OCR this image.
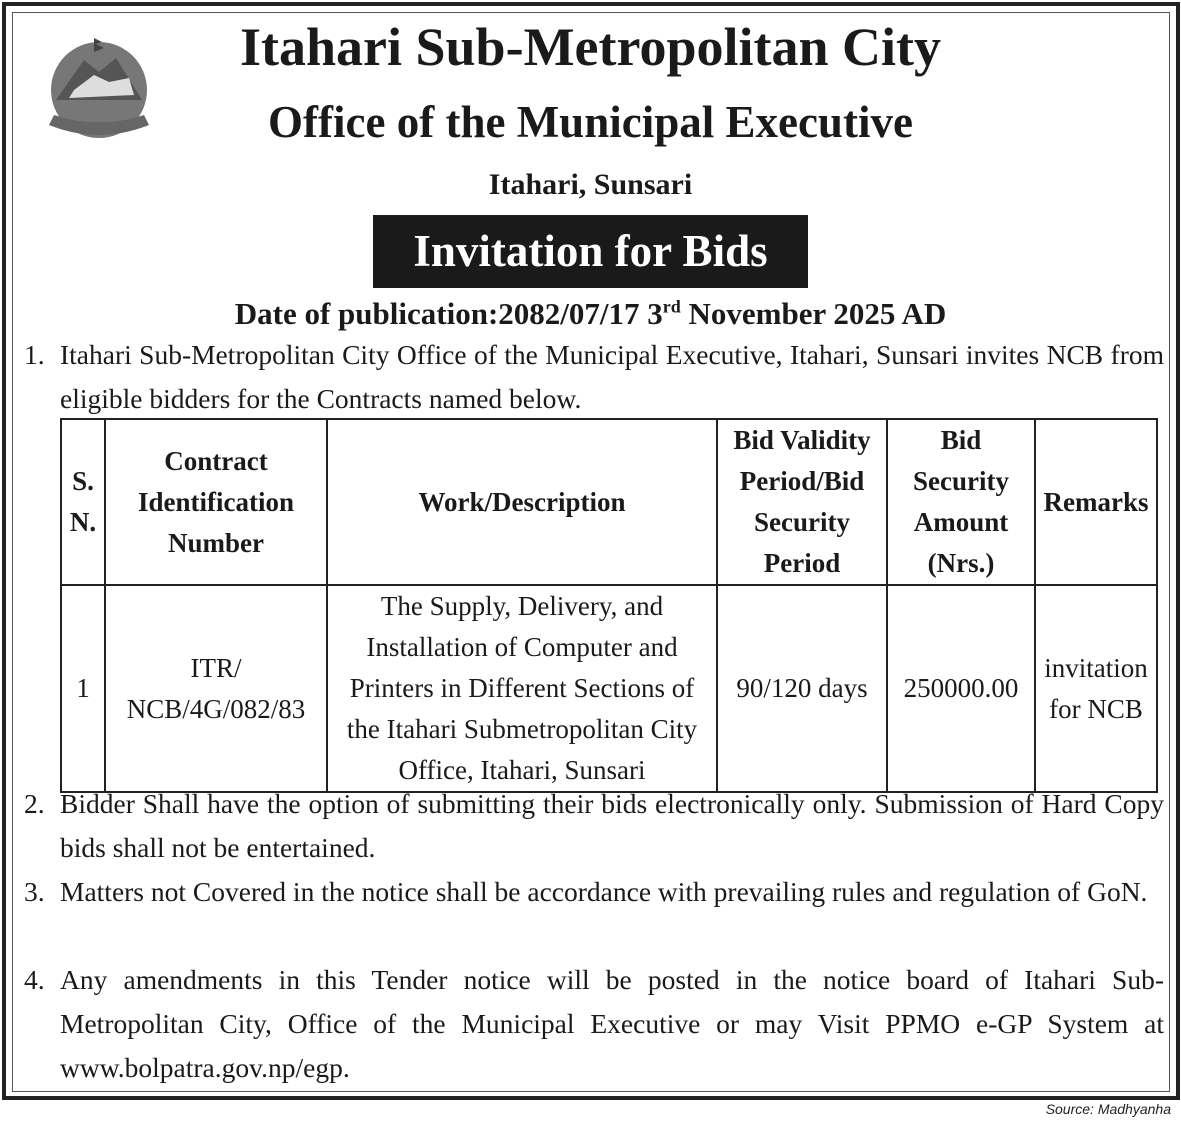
Itahari Sub-Metropolitan City
Office of the Municipal Executive
Itahari, Sunsari
Invitation for Bids
Date of publication:2082/07/17 3rd November 2025 AD
1. Itahari Sub-Metropolitan City Office of the Municipal Executive, Itahari, Sunsari invites NCB from eligible bidders for the Contracts named below.
S. N.	Contract Identification Number	Work/Description	Bid Validity Period/Bid Security Period	Bid Security Amount (Nrs.)	Remarks
1	ITR/ NCB/4G/082/83	The Supply, Delivery, and Installation of Computer and Printers in Different Sections of the Itahari Submetropolitan City Office, Itahari, Sunsari	90/120 days	250000.00	invitation for NCB
2. Bidder Shall have the option of submitting their bids electronically only. Submission of Hard Copy bids shall not be entertained.
3. Matters not Covered in the notice shall be accordance with prevailing rules and regulation of GoN.
4. Any amendments in this Tender notice will be posted in the notice board of Itahari Sub-Metropolitan City, Office of the Municipal Executive or may Visit PPMO e-GP System at www.bolpatra.gov.np/egp.
Source: Madhyanha
